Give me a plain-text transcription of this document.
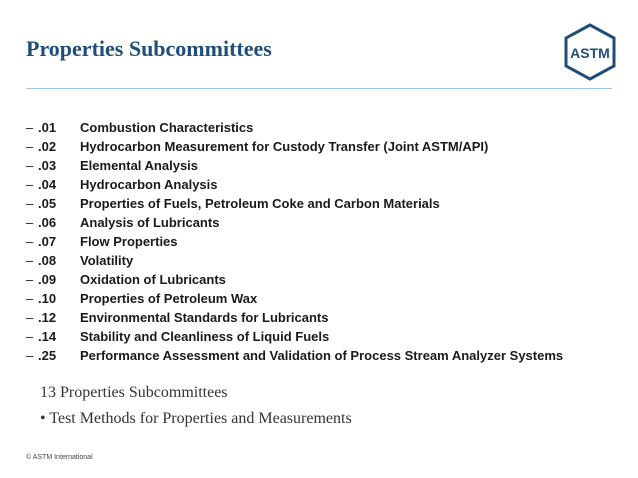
Properties Subcommittees	ASTM
– .01 Combustion Characteristics
– .02 Hydrocarbon Measurement for Custody Transfer (Joint ASTM/API)
– .03 Elemental Analysis
– .04 Hydrocarbon Analysis
– .05 Properties of Fuels, Petroleum Coke and Carbon Materials
– .06 Analysis of Lubricants
– .07 Flow Properties
– .08 Volatility
– .09 Oxidation of Lubricants
– .10 Properties of Petroleum Wax
– .12 Environmental Standards for Lubricants
– .14 Stability and Cleanliness of Liquid Fuels
– .25 Performance Assessment and Validation of Process Stream Analyzer Systems
13 Properties Subcommittees
• Test Methods for Properties and Measurements
© ASTM International
